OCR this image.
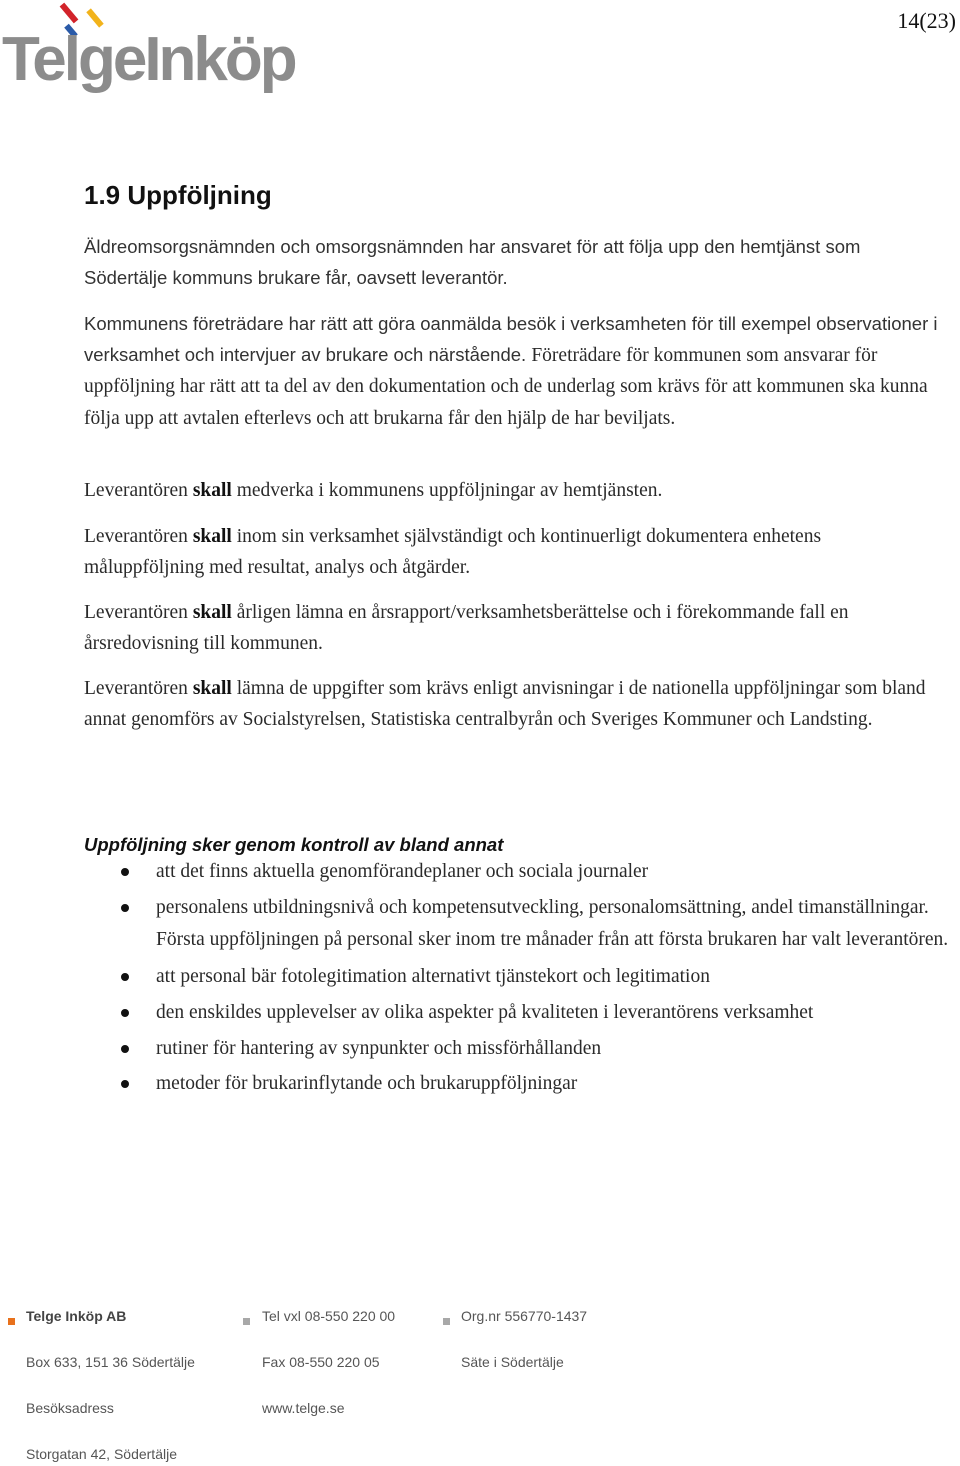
TelgeInköp
14(23)
1.9 Uppföljning
Äldreomsorgsnämnden och omsorgsnämnden har ansvaret för att följa upp den hemtjänst som Södertälje kommuns brukare får, oavsett leverantör.
Kommunens företrädare har rätt att göra oanmälda besök i verksamheten för till exempel observationer i verksamhet och intervjuer av brukare och närstående. Företrädare för kommunen som ansvarar för uppföljning har rätt att ta del av den dokumentation och de underlag som krävs för att kommunen ska kunna följa upp att avtalen efterlevs och att brukarna får den hjälp de har beviljats.
Leverantören skall medverka i kommunens uppföljningar av hemtjänsten.
Leverantören skall inom sin verksamhet självständigt och kontinuerligt dokumentera enhetens måluppföljning med resultat, analys och åtgärder.
Leverantören skall årligen lämna en årsrapport/verksamhetsberättelse och i förekommande fall en årsredovisning till kommunen.
Leverantören skall lämna de uppgifter som krävs enligt anvisningar i de nationella uppföljningar som bland annat genomförs av Socialstyrelsen, Statistiska centralbyrån och Sveriges Kommuner och Landsting.
Uppföljning sker genom kontroll av bland annat
att det finns aktuella genomförandeplaner och sociala journaler
personalens utbildningsnivå och kompetensutveckling, personalomsättning, andel timanställningar. Första uppföljningen på personal sker inom tre månader från att första brukaren har valt leverantören.
att personal bär fotolegitimation alternativt tjänstekort och legitimation
den enskildes upplevelser av olika aspekter på kvaliteten i leverantörens verksamhet
rutiner för hantering av synpunkter och missförhållanden
metoder för brukarinflytande och brukaruppföljningar
Telge Inköp AB
Box 633, 151 36 Södertälje
Besöksadress
Storgatan 42, Södertälje
Tel vxl 08-550 220 00
Fax 08-550 220 05
www.telge.se
Org.nr 556770-1437
Säte i Södertälje
